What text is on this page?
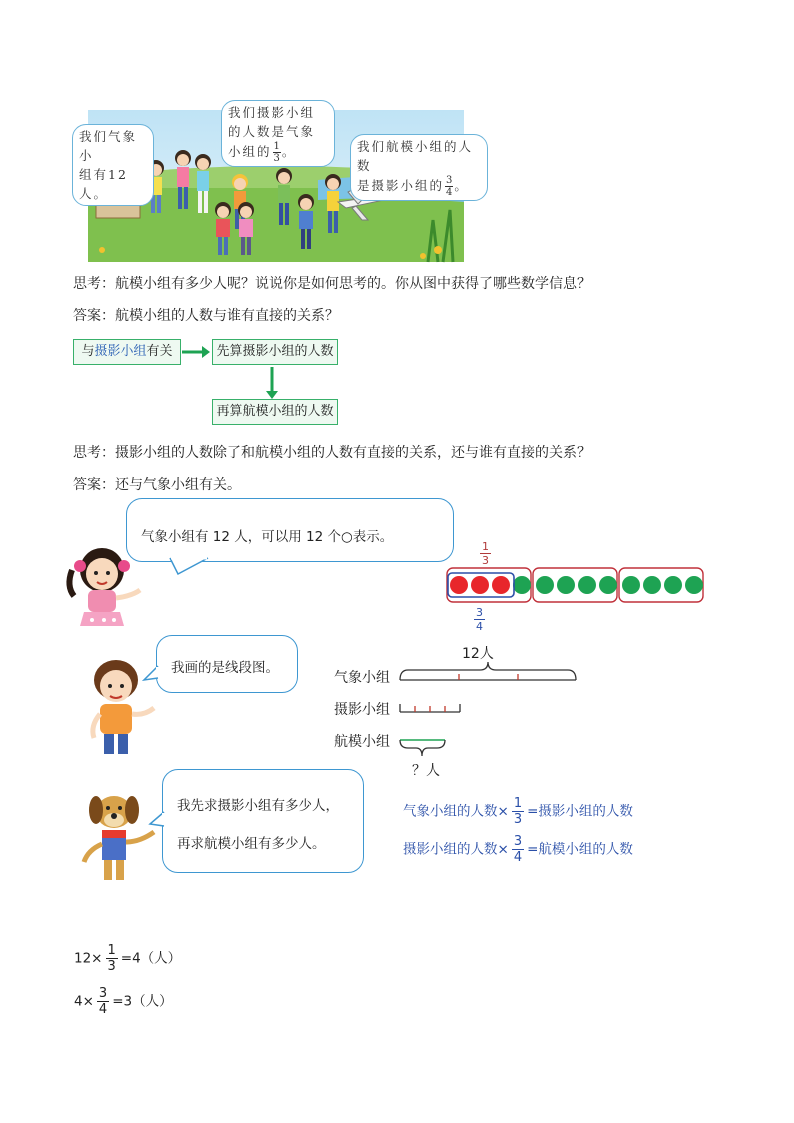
我们气象小
组有12人。
我们摄影小组
的人数是气象
小组的 $\frac{1}{3}$ 。	我们航模小组的人数
是摄影小组的 $\frac{3}{4}$ 。
思考：航模小组有多少人呢？说说你是如何思考的。你从图中获得了哪些数学信息？
答案：航模小组的人数与谁有直接的关系？
与摄影小组有关	先算摄影小组的人数
再算航模小组的人数
思考：摄影小组的人数除了和航模小组的人数有直接的关系，还与谁有直接的关系？
答案：还与气象小组有关。
气象小组有 12 人，可以用 12 个○表示。
$\frac{1}{3}$
$\frac{3}{4}$
我画的是线段图。
12人
气象小组
摄影小组
航模小组
？人
我先求摄影小组有多少人，
再求航模小组有多少人。
气象小组的人数× $\frac{1}{3}$ =摄影小组的人数
摄影小组的人数× $\frac{3}{4}$ =航模小组的人数
$12\times \frac{1}{3} =4$（人）
$4\times \frac{3}{4} =3$（人）
